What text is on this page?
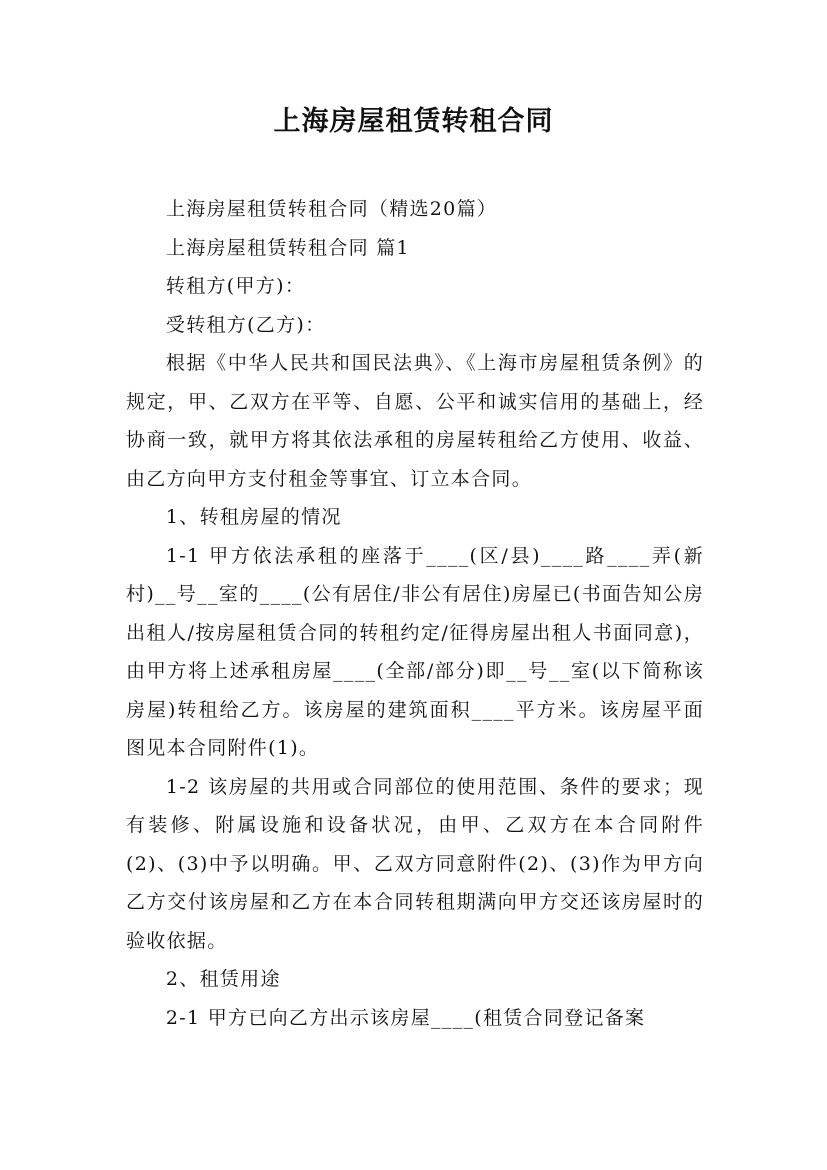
上海房屋租赁转租合同

上海房屋租赁转租合同（精选20篇）

上海房屋租赁转租合同 篇1

转租方(甲方)：

受转租方(乙方)：

根据《中华人民共和国民法典》、《上海市房屋租赁条例》的规定，甲、乙双方在平等、自愿、公平和诚实信用的基础上，经协商一致，就甲方将其依法承租的房屋转租给乙方使用、收益、由乙方向甲方支付租金等事宜、订立本合同。

1、转租房屋的情况

1-1 甲方依法承租的座落于____(区/县)____路____弄(新村)__号__室的____(公有居住/非公有居住)房屋已(书面告知公房出租人/按房屋租赁合同的转租约定/征得房屋出租人书面同意)，由甲方将上述承租房屋____(全部/部分)即__号__室(以下简称该房屋)转租给乙方。该房屋的建筑面积____平方米。该房屋平面图见本合同附件(1)。

1-2 该房屋的共用或合同部位的使用范围、条件的要求；现有装修、附属设施和设备状况，由甲、乙双方在本合同附件(2)、(3)中予以明确。甲、乙双方同意附件(2)、(3)作为甲方向乙方交付该房屋和乙方在本合同转租期满向甲方交还该房屋时的验收依据。

2、租赁用途

2-1 甲方已向乙方出示该房屋____(租赁合同登记备案
